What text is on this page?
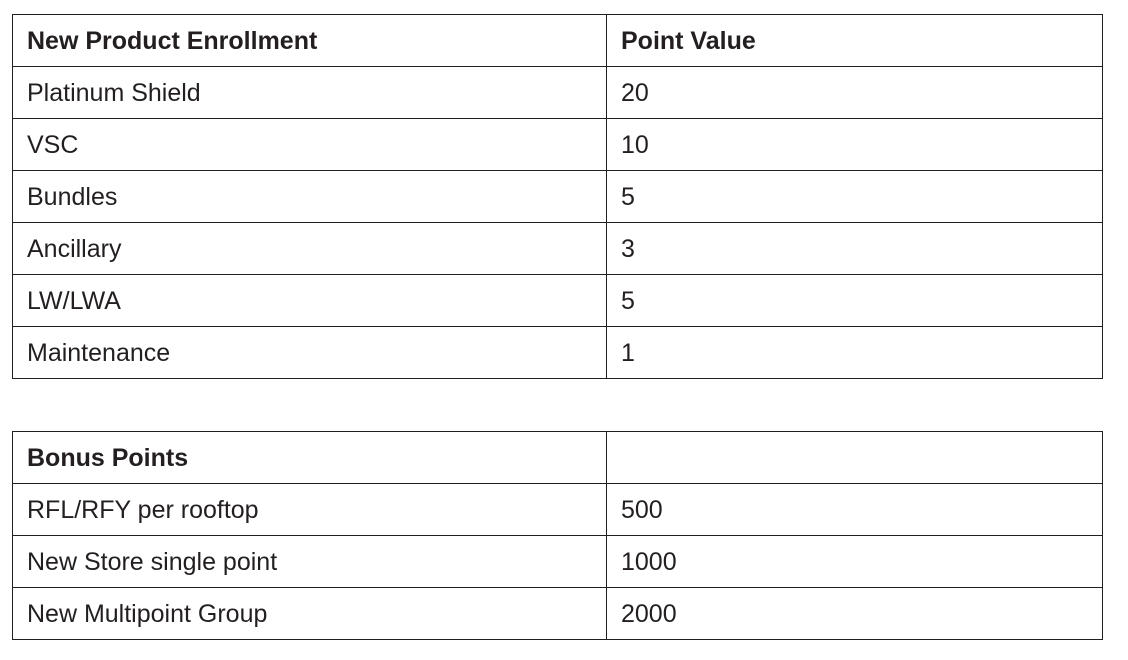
New Product Enrollment	Point Value
Platinum Shield	20
VSC	10
Bundles	5
Ancillary	3
LW/LWA	5
Maintenance	1
Bonus Points	
RFL/RFY per rooftop	500
New Store single point	1000
New Multipoint Group	2000
